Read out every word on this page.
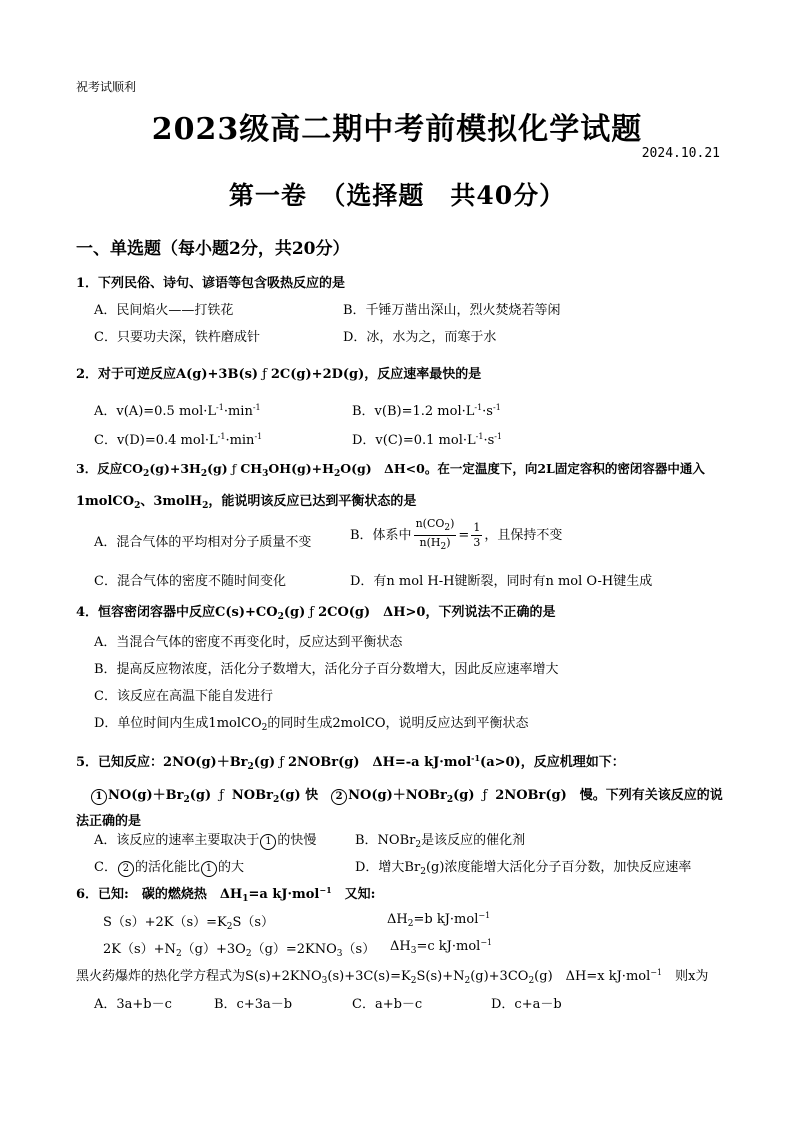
祝考试顺利
2023级高二期中考前模拟化学试题
2024.10.21
第一卷　（选择题　共40分）
一、单选题（每小题2分，共20分）
1．下列民俗、诗句、谚语等包含吸热反应的是
A．民间焰火——打铁花	B．千锤万凿出深山，烈火焚烧若等闲
C．只要功夫深，铁杵磨成针	D．冰，水为之，而寒于水
2．对于可逆反应A(g)+3B(s) ƒ 2C(g)+2D(g)，反应速率最快的是
A．v(A)=0.5 $mol\cdot L^{-1}\cdot\min^{-1}$	B．v(B)=1.2 $mol\cdot L^{-1}\cdot s^{-1}$
C．v(D)=0.4 $mol\cdot L^{-1}\cdot\min^{-1}$	D．v(C)=0.1 $mol\cdot L^{-1}\cdot s^{-1}$
3．反应$CO_2(g)+3H_2(g)$ ƒ $CH_3OH(g)+H_2O(g)$　ΔH<0。在一定温度下，向2L固定容积的密闭容器中通入
1molCO$_2$、3molH$_2$，能说明该反应已达到平衡状态的是
A．混合气体的平均相对分子质量不变	B．体系中 $\frac{n(CO_2)}{n(H_2)} = \frac{1}{3}$ ，且保持不变
C．混合气体的密度不随时间变化	D．有n mol H-H键断裂，同时有n mol O-H键生成
4．恒容密闭容器中反应$C(s)+CO_2(g)$ ƒ 2CO(g)　ΔH>0，下列说法不正确的是
A．当混合气体的密度不再变化时，反应达到平衡状态
B．提高反应物浓度，活化分子数增大，活化分子百分数增大，因此反应速率增大
C．该反应在高温下能自发进行
D．单位时间内生成1molCO$_2$的同时生成2molCO，说明反应达到平衡状态
5．已知反应：$2NO(g)+Br_2(g)$ ƒ 2NOBr(g)　ΔH=-a kJ·mol$^{-1}$(a>0)，反应机理如下：
1 $NO(g)+Br_2(g)$ ƒ NOBr$_2$(g) 快 2 NO(g)＋NOBr$_2$(g) ƒ 2NOBr(g)　慢。下列有关该反应的说
法正确的是
A．该反应的速率主要取决于 1 的快慢	B．NOBr$_2$是该反应的催化剂
C． 2 的活化能比 1 的大	D．增大$Br_2(g)$浓度能增大活化分子百分数，加快反应速率
6．已知:　碳的燃烧热　$\Delta H_1=a$ kJ·mol$^{-1}$　又知:
$S(s)+2K(s)=K_2S(s)$	$\Delta H_2=b$ kJ·mol$^{-1}$
$2K(s)+N_2(g)+3O_2(g)=2KNO_3(s)$ $\Delta H_3=c$ kJ·mol$^{-1}$
黑火药爆炸的热化学方程式为$S(s)+2KNO_3(s)+3C(s)=K_2S(s)+N_2(g)+3CO_2(g)$　ΔH=x kJ·mol$^{-1}$　则x为
A．3a+b－c	B．c+3a－b	C．a+b－c	D．c+a－b
